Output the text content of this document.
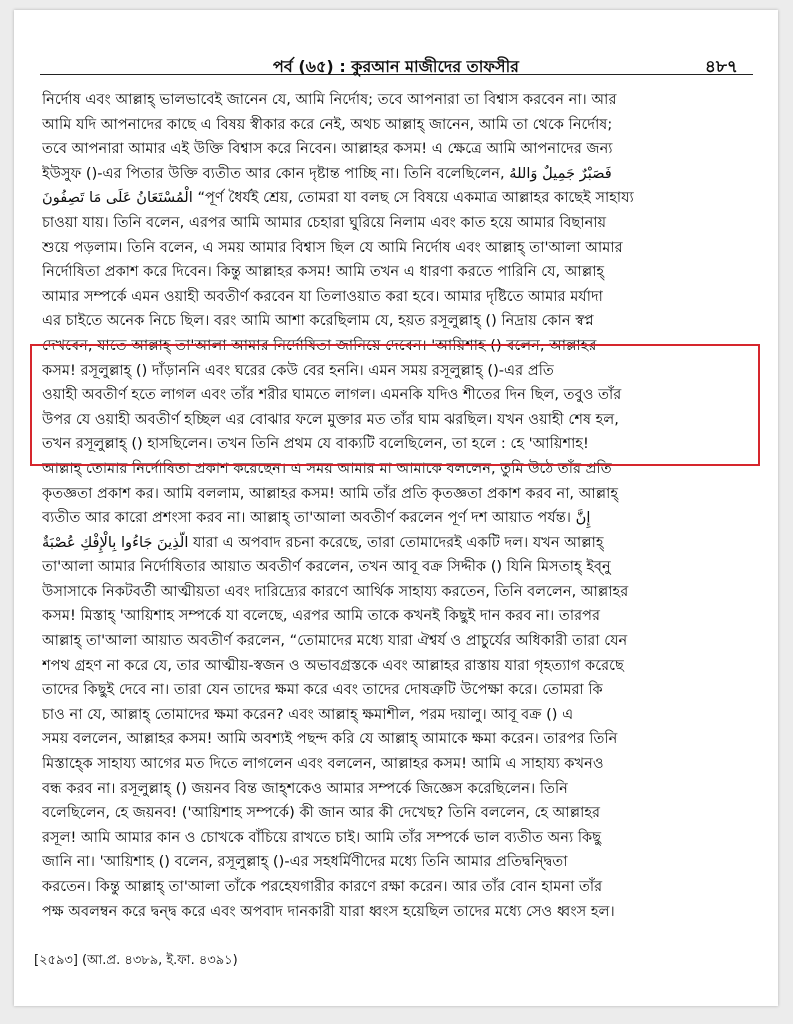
পর্ব (৬৫) : কুরআন মাজীদের তাফসীর	৪৮৭
নির্দোষ এবং আল্লাহ্ ভালভাবেই জানেন যে, আমি নির্দোষ; তবে আপনারা তা বিশ্বাস করবেন না। আর
আমি যদি আপনাদের কাছে এ বিষয় স্বীকার করে নেই, অথচ আল্লাহ্ জানেন, আমি তা থেকে নির্দোষ;
তবে আপনারা আমার এই উক্তি বিশ্বাস করে নিবেন। আল্লাহর কসম! এ ক্ষেত্রে আমি আপনাদের জন্য
ইউসুফ ()-এর পিতার উক্তি ব্যতীত আর কোন দৃষ্টান্ত পাচ্ছি না। তিনি বলেছিলেন, فَصَبْرٌ جَمِيلٌ وَاللهُ
الْمُسْتَعَانُ عَلَى مَا تَصِفُونَ “পূর্ণ ধৈর্যই শ্রেয়, তোমরা যা বলছ সে বিষয়ে একমাত্র আল্লাহর কাছেই সাহায্য
চাওয়া যায়। তিনি বলেন, এরপর আমি আমার চেহারা ঘুরিয়ে নিলাম এবং কাত হয়ে আমার বিছানায়
শুয়ে পড়লাম। তিনি বলেন, এ সময় আমার বিশ্বাস ছিল যে আমি নির্দোষ এবং আল্লাহ্ তা'আলা আমার
নির্দোষিতা প্রকাশ করে দিবেন। কিন্তু আল্লাহর কসম! আমি তখন এ ধারণা করতে পারিনি যে, আল্লাহ্
আমার সম্পর্কে এমন ওয়াহী অবতীর্ণ করবেন যা তিলাওয়াত করা হবে। আমার দৃষ্টিতে আমার মর্যাদা
এর চাইতে অনেক নিচে ছিল। বরং আমি আশা করেছিলাম যে, হয়ত রসূলুল্লাহ্ () নিদ্রায় কোন স্বপ্ন
দেখবেন, যাতে আল্লাহ্ তা'আলা আমার নির্দোষিতা জানিয়ে দেবেন। 'আয়িশাহ () বলেন, আল্লাহর
কসম! রসূলুল্লাহ্ () দাঁড়াননি এবং ঘরের কেউ বের হননি। এমন সময় রসূলুল্লাহ্ ()-এর প্রতি
ওয়াহী অবতীর্ণ হতে লাগল এবং তাঁর শরীর ঘামতে লাগল। এমনকি যদিও শীতের দিন ছিল, তবুও তাঁর
উপর যে ওয়াহী অবতীর্ণ হচ্ছিল এর বোঝার ফলে মুক্তার মত তাঁর ঘাম ঝরছিল। যখন ওয়াহী শেষ হল,
তখন রসূলুল্লাহ্ () হাসছিলেন। তখন তিনি প্রথম যে বাক্যটি বলেছিলেন, তা হলে : হে 'আয়িশাহ!
আল্লাহ্ তোমার নির্দোষিতা প্রকাশ করেছেন। এ সময় আমার মা আমাকে বললেন, তুমি উঠে তাঁর প্রতি
কৃতজ্ঞতা প্রকাশ কর। আমি বললাম, আল্লাহর কসম! আমি তাঁর প্রতি কৃতজ্ঞতা প্রকাশ করব না, আল্লাহ্
ব্যতীত আর কারো প্রশংসা করব না। আল্লাহ্ তা'আলা অবতীর্ণ করলেন পূর্ণ দশ আয়াত পর্যন্ত। إِنَّ
الَّذِينَ جَاءُوا بِالْإِفْكِ عُصْبَةٌ যারা এ অপবাদ রচনা করেছে, তারা তোমাদেরই একটি দল। যখন আল্লাহ্
তা'আলা আমার নির্দোষিতার আয়াত অবতীর্ণ করলেন, তখন আবূ বক্র সিদ্দীক () যিনি মিসতাহ্ ইব্নু
উসাসাকে নিকটবর্তী আত্মীয়তা এবং দারিদ্র্যের কারণে আর্থিক সাহায্য করতেন, তিনি বললেন, আল্লাহর
কসম! মিস্তাহ্ 'আয়িশাহ সম্পর্কে যা বলেছে, এরপর আমি তাকে কখনই কিছুই দান করব না। তারপর
আল্লাহ্ তা'আলা আয়াত অবতীর্ণ করলেন, “তোমাদের মধ্যে যারা ঐশ্বর্য ও প্রাচুর্যের অধিকারী তারা যেন
শপথ গ্রহণ না করে যে, তার আত্মীয়-স্বজন ও অভাবগ্রস্তকে এবং আল্লাহর রাস্তায় যারা গৃহত্যাগ করেছে
তাদের কিছুই দেবে না। তারা যেন তাদের ক্ষমা করে এবং তাদের দোষত্রুটি উপেক্ষা করে। তোমরা কি
চাও না যে, আল্লাহ্ তোমাদের ক্ষমা করেন? এবং আল্লাহ্ ক্ষমাশীল, পরম দয়ালু। আবূ বক্র () এ
সময় বললেন, আল্লাহর কসম! আমি অবশ্যই পছন্দ করি যে আল্লাহ্ আমাকে ক্ষমা করেন। তারপর তিনি
মিস্তাহ্কে সাহায্য আগের মত দিতে লাগলেন এবং বললেন, আল্লাহর কসম! আমি এ সাহায্য কখনও
বন্ধ করব না। রসূলুল্লাহ্ () জয়নব বিন্ত জাহ্শকেও আমার সম্পর্কে জিজ্ঞেস করেছিলেন। তিনি
বলেছিলেন, হে জয়নব! ('আয়িশাহ সম্পর্কে) কী জান আর কী দেখেছ? তিনি বললেন, হে আল্লাহর
রসূল! আমি আমার কান ও চোখকে বাঁচিয়ে রাখতে চাই। আমি তাঁর সম্পর্কে ভাল ব্যতীত অন্য কিছু
জানি না। 'আয়িশাহ () বলেন, রসূলুল্লাহ্ ()-এর সহধর্মিণীদের মধ্যে তিনি আমার প্রতিদ্বন্দ্বিতা
করতেন। কিন্তু আল্লাহ্ তা'আলা তাঁকে পরহেযগারীর কারণে রক্ষা করেন। আর তাঁর বোন হামনা তাঁর
পক্ষ অবলম্বন করে দ্বন্দ্ব করে এবং অপবাদ দানকারী যারা ধ্বংস হয়েছিল তাদের মধ্যে সেও ধ্বংস হল।
[২৫৯৩] (আ.প্র. ৪৩৮৯, ই.ফা. ৪৩৯১)
